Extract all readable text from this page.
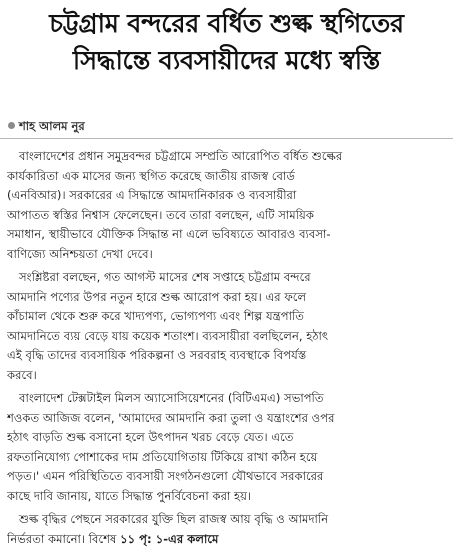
চট্টগ্রাম বন্দরের বর্ধিত শুল্ক স্থগিতের
সিদ্ধান্তে ব্যবসায়ীদের মধ্যে স্বস্তি
শাহ আলম নুর

বাংলাদেশের প্রধান সমুদ্রবন্দর চট্টগ্রামে সম্প্রতি আরোপিত বর্ধিত শুল্কের
কার্যকারিতা এক মাসের জন্য স্থগিত করেছে জাতীয় রাজস্ব বোর্ড
(এনবিআর)। সরকারের এ সিদ্ধান্তে আমদানিকারক ও ব্যবসায়ীরা
আপাতত স্বস্তির নিশ্বাস ফেলেছেন। তবে তারা বলছেন, এটি সাময়িক
সমাধান, স্থায়ীভাবে যৌক্তিক সিদ্ধান্ত না এলে ভবিষ্যতে আবারও ব্যবসা-
বাণিজ্যে অনিশ্চয়তা দেখা দেবে।

সংশ্লিষ্টরা বলছেন, গত আগস্ট মাসের শেষ সপ্তাহে চট্টগ্রাম বন্দরে
আমদানি পণ্যের উপর নতুন হারে শুল্ক আরোপ করা হয়। এর ফলে
কাঁচামাল থেকে শুরু করে খাদ্যপণ্য, ভোগ্যপণ্য এবং শিল্প যন্ত্রপাতি
আমদানিতে ব্যয় বেড়ে যায় কয়েক শতাংশ। ব্যবসায়ীরা বলছিলেন, হঠাৎ
এই বৃদ্ধি তাদের ব্যবসায়িক পরিকল্পনা ও সরবরাহ ব্যবস্থাকে বিপর্যস্ত
করবে।

বাংলাদেশ টেক্সটাইল মিলস অ্যাসোসিয়েশনের (বিটিএমএ) সভাপতি
শওকত আজিজ বলেন, 'আমাদের আমদানি করা তুলা ও যন্ত্রাংশের ওপর
হঠাৎ বাড়তি শুল্ক বসানো হলে উৎপাদন খরচ বেড়ে যেত। এতে
রফতানিযোগ্য পোশাকের দাম প্রতিযোগিতায় টিকিয়ে রাখা কঠিন হয়ে
পড়ত।' এমন পরিস্থিতিতে ব্যবসায়ী সংগঠনগুলো যৌথভাবে সরকারের
কাছে দাবি জানায়, যাতে সিদ্ধান্ত পুনর্বিবেচনা করা হয়।

শুল্ক বৃদ্ধির পেছনে সরকারের যুক্তি ছিল রাজস্ব আয় বৃদ্ধি ও আমদানি
নির্ভরতা কমানো। বিশেষ ১১ পৃ: ১-এর কলামে
